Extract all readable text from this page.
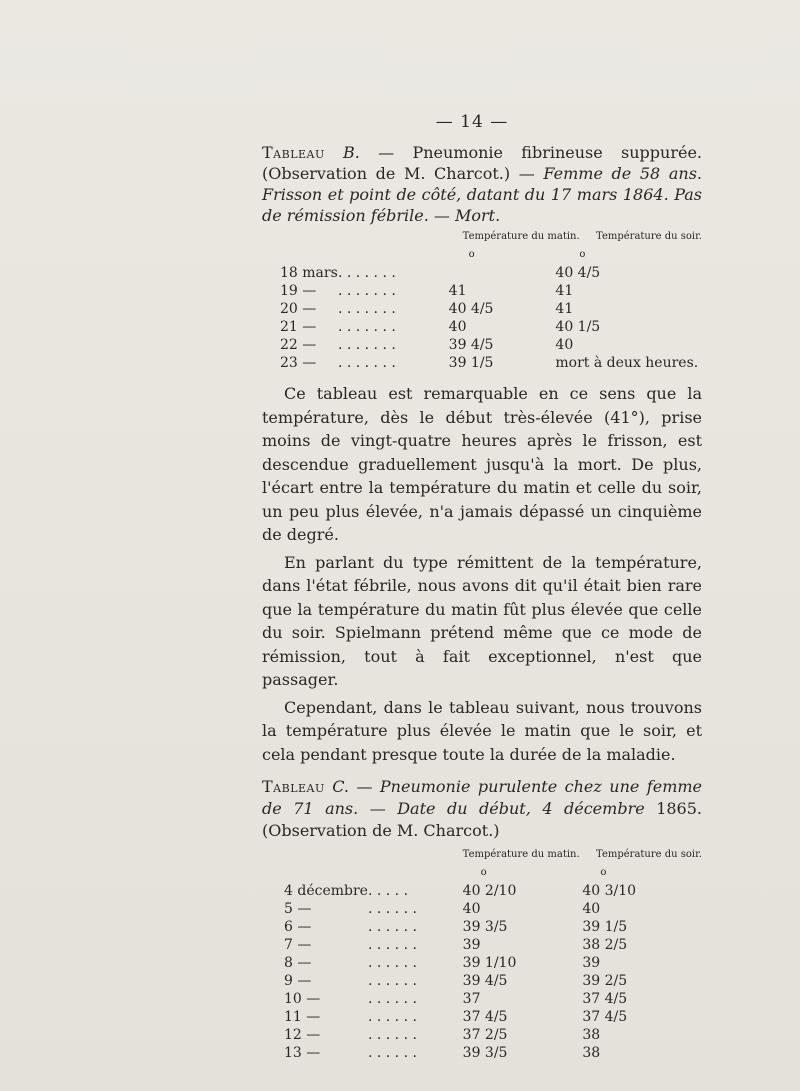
— 14 —
Tableau B. — Pneumonie fibrineuse suppurée. (Observation de M. Charcot.) — Femme de 58 ans. Frisson et point de côté, datant du 17 mars 1864. Pas de rémission fébrile. — Mort.
		Température du matin. Température du soir.	
		o	o
18 mars	. . . . . . .		40 4/5
19 —	. . . . . . .	41	41
20 —	. . . . . . .	40 4/5	41
21 —	. . . . . . .	40	40 1/5
22 —	. . . . . . .	39 4/5	40
23 —	. . . . . . .	39 1/5	mort à deux heures.

Ce tableau est remarquable en ce sens que la température, dès le début très-élevée (41°), prise moins de vingt-quatre heures après le frisson, est descendue graduellement jusqu'à la mort. De plus, l'écart entre la température du matin et celle du soir, un peu plus élevée, n'a jamais dépassé un cinquième de degré.

En parlant du type rémittent de la température, dans l'état fébrile, nous avons dit qu'il était bien rare que la température du matin fût plus élevée que celle du soir. Spielmann prétend même que ce mode de rémission, tout à fait exceptionnel, n'est que passager.

Cependant, dans le tableau suivant, nous trouvons la température plus élevée le matin que le soir, et cela pendant presque toute la durée de la maladie.

Tableau C. — Pneumonie purulente chez une femme de 71 ans. — Date du début, 4 décembre 1865. (Observation de M. Charcot.)
		Température du matin. Température du soir.	
		o	o
4 décembre	. . . . .	40 2/10	40 3/10
5 —	. . . . . .	40	40
6 —	. . . . . .	39 3/5	39 1/5
7 —	. . . . . .	39	38 2/5
8 —	. . . . . .	39 1/10	39
9 —	. . . . . .	39 4/5	39 2/5
10 —	. . . . . .	37	37 4/5
11 —	. . . . . .	37 4/5	37 4/5
12 —	. . . . . .	37 2/5	38
13 —	. . . . . .	39 3/5	38
